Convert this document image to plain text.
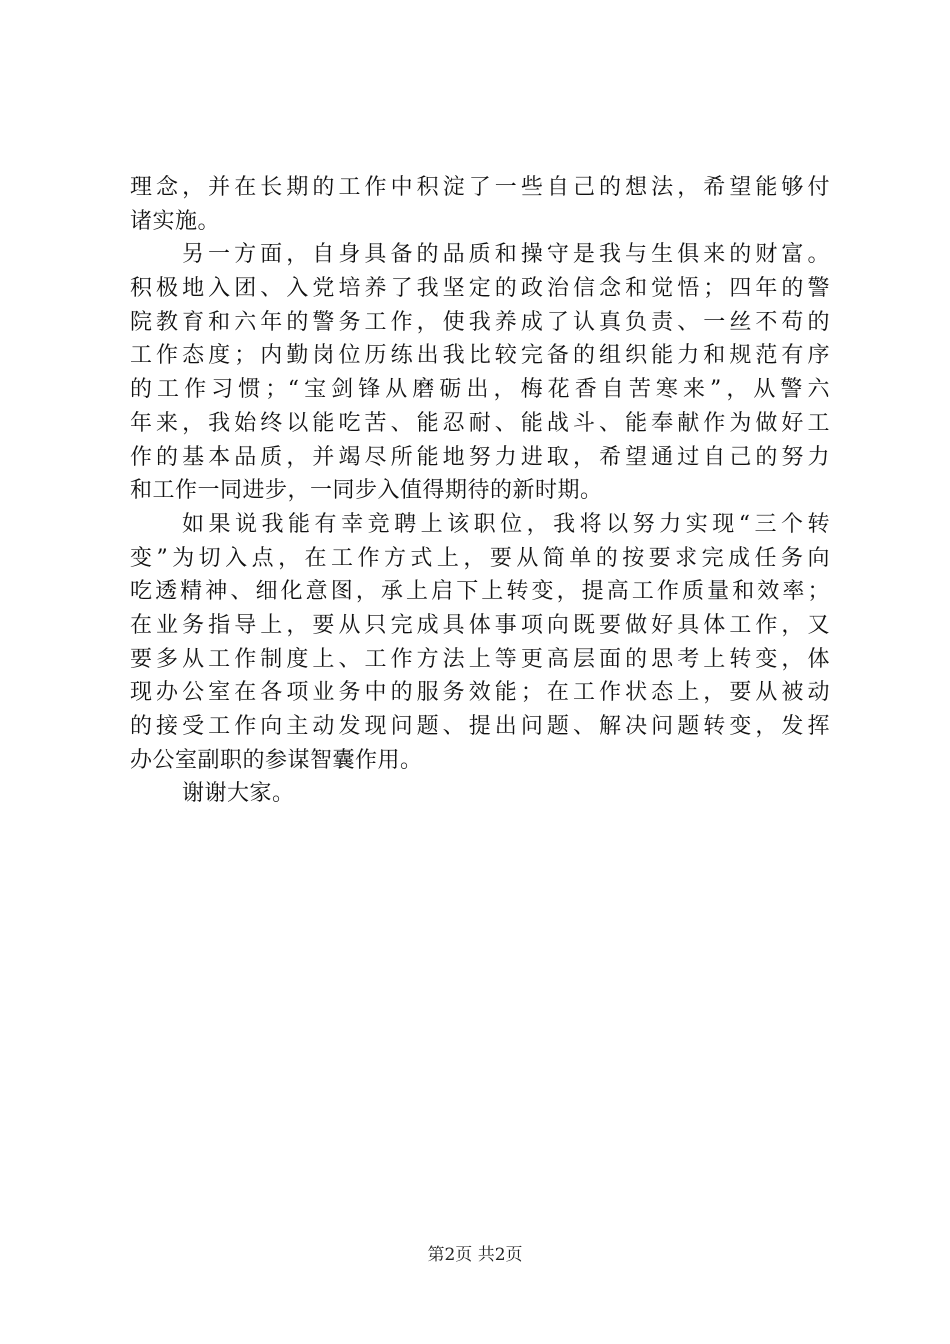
理念，并在长期的工作中积淀了一些自己的想法，希望能够付
诸实施。
另一方面，自身具备的品质和操守是我与生俱来的财富。
积极地入团、入党培养了我坚定的政治信念和觉悟；四年的警
院教育和六年的警务工作，使我养成了认真负责、一丝不苟的
工作态度；内勤岗位历练出我比较完备的组织能力和规范有序
的工作习惯；“宝剑锋从磨砺出，梅花香自苦寒来”，从警六
年来，我始终以能吃苦、能忍耐、能战斗、能奉献作为做好工
作的基本品质，并竭尽所能地努力进取，希望通过自己的努力
和工作一同进步，一同步入值得期待的新时期。
如果说我能有幸竞聘上该职位，我将以努力实现“三个转
变”为切入点，在工作方式上，要从简单的按要求完成任务向
吃透精神、细化意图，承上启下上转变，提高工作质量和效率；
在业务指导上，要从只完成具体事项向既要做好具体工作，又
要多从工作制度上、工作方法上等更高层面的思考上转变，体
现办公室在各项业务中的服务效能；在工作状态上，要从被动
的接受工作向主动发现问题、提出问题、解决问题转变，发挥
办公室副职的参谋智囊作用。
谢谢大家。
第2页 共2页
